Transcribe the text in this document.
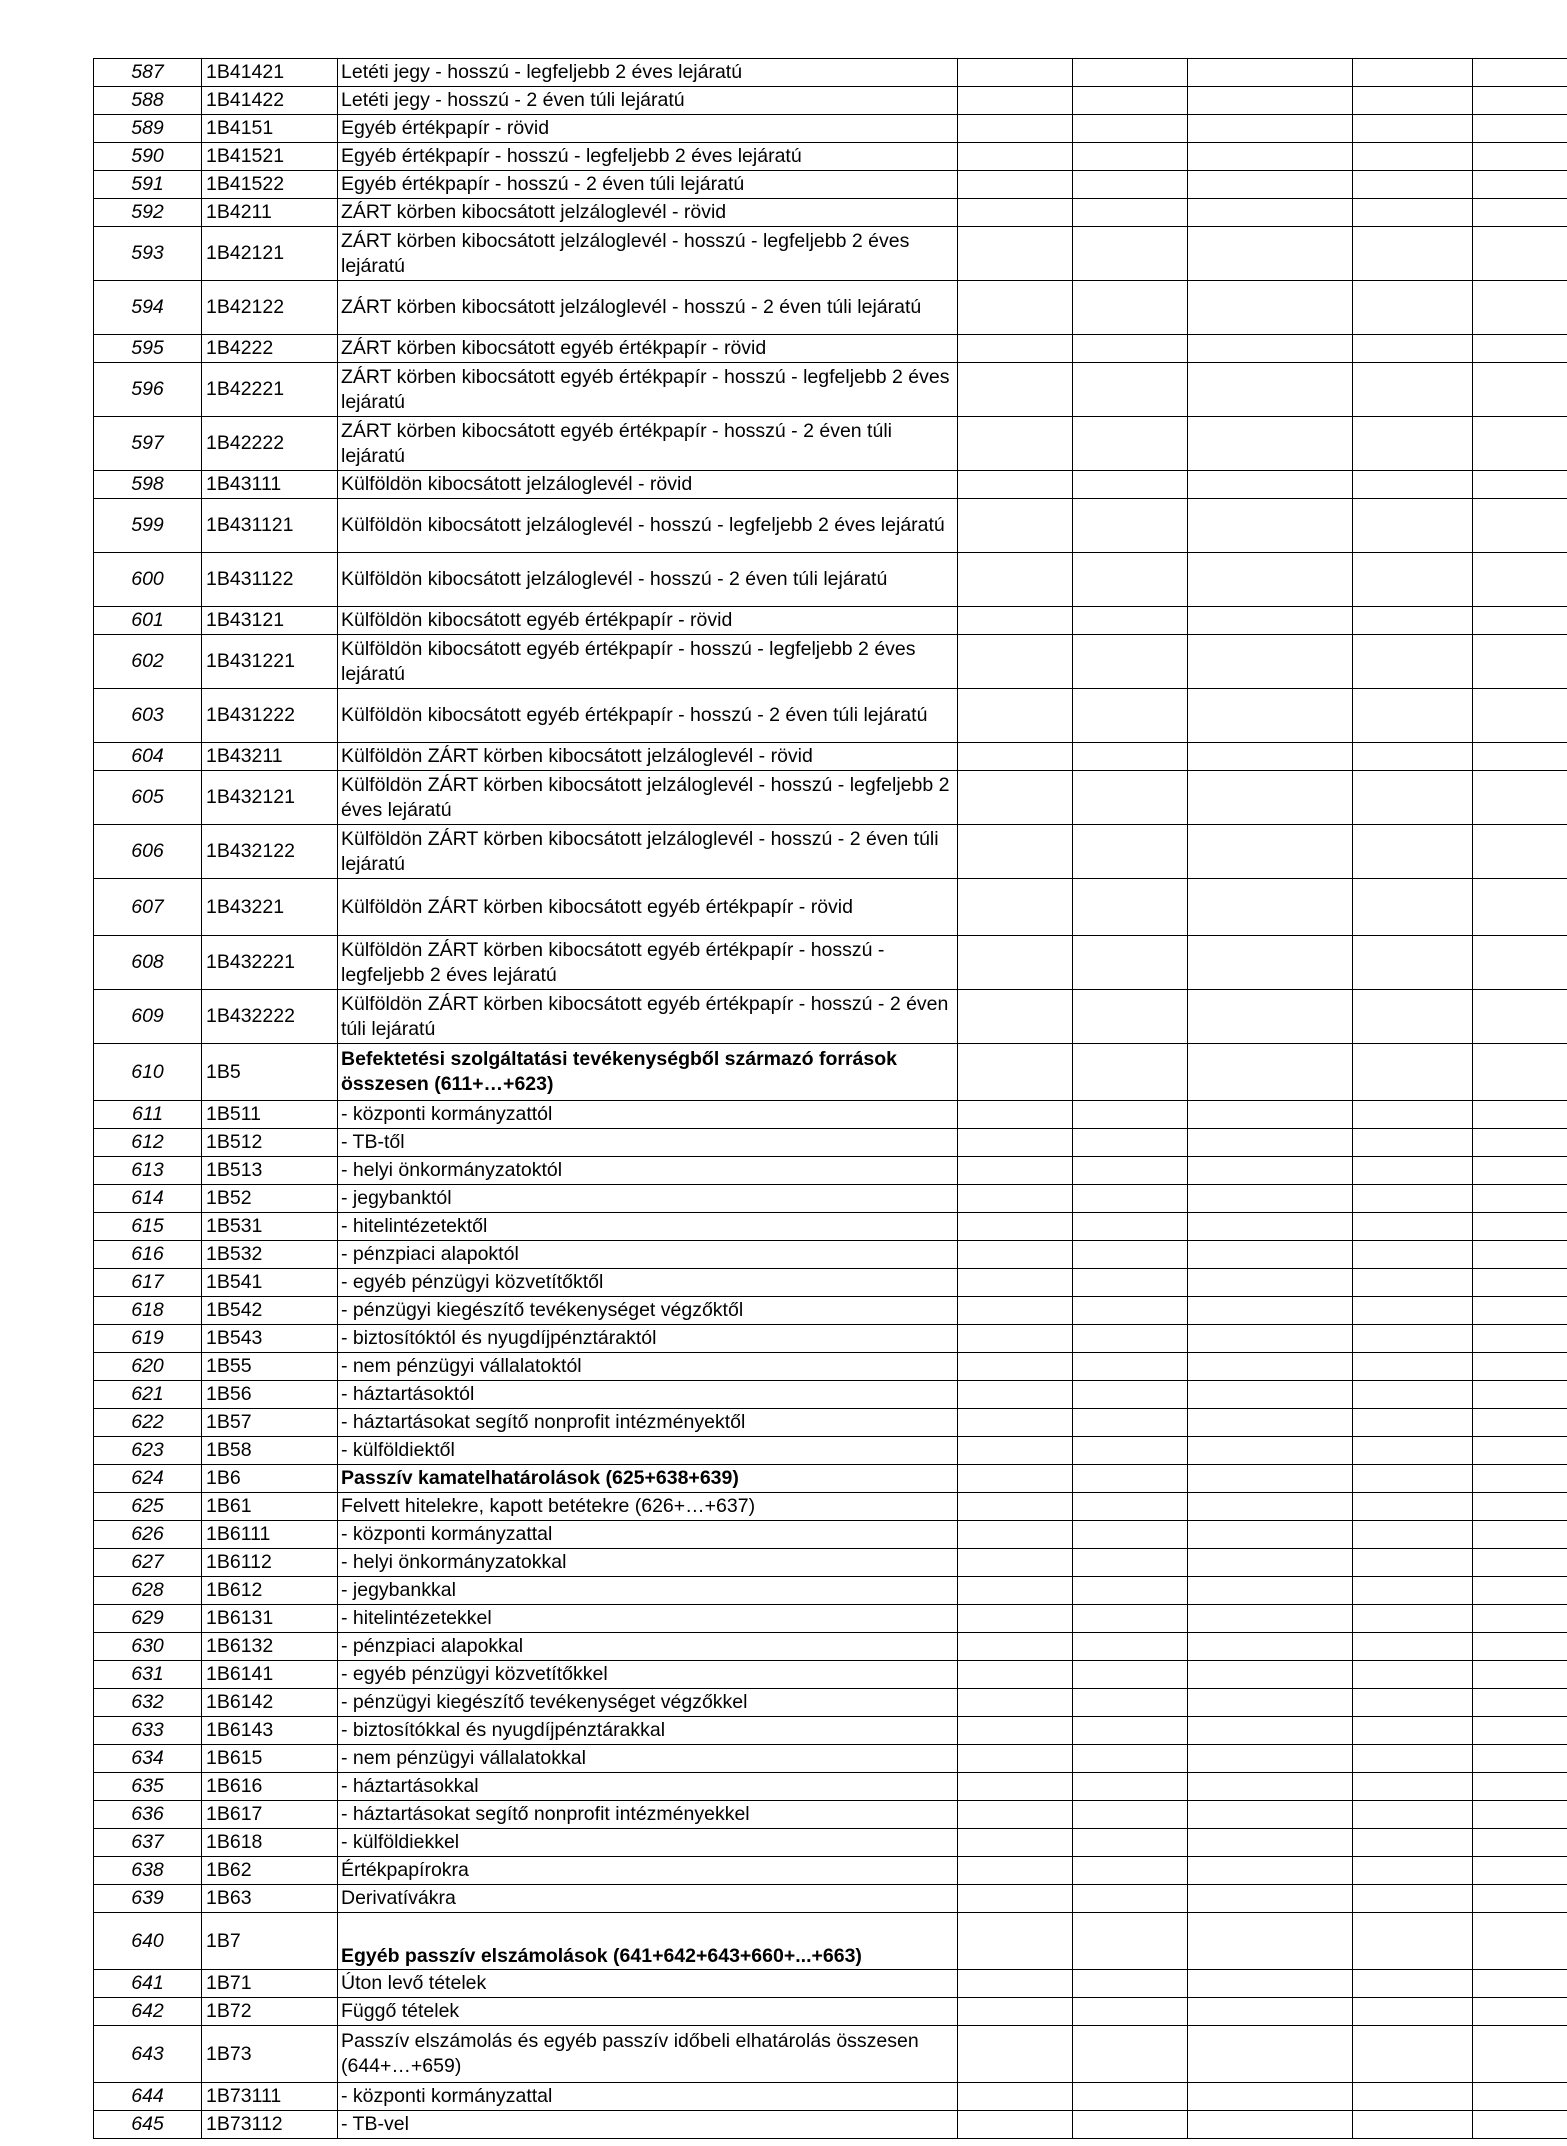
587	1B41421	Letéti jegy - hosszú - legfeljebb 2 éves lejáratú					
588	1B41422	Letéti jegy - hosszú - 2 éven túli lejáratú					
589	1B4151	Egyéb értékpapír - rövid					
590	1B41521	Egyéb értékpapír - hosszú - legfeljebb 2 éves lejáratú					
591	1B41522	Egyéb értékpapír - hosszú - 2 éven túli lejáratú					
592	1B4211	ZÁRT körben kibocsátott jelzáloglevél - rövid					
593	1B42121	ZÁRT körben kibocsátott jelzáloglevél - hosszú - legfeljebb 2 éves lejáratú					
594	1B42122	ZÁRT körben kibocsátott jelzáloglevél - hosszú - 2 éven túli lejáratú					
595	1B4222	ZÁRT körben kibocsátott egyéb értékpapír - rövid					
596	1B42221	ZÁRT körben kibocsátott egyéb értékpapír - hosszú - legfeljebb 2 éves lejáratú					
597	1B42222	ZÁRT körben kibocsátott egyéb értékpapír - hosszú - 2 éven túli lejáratú					
598	1B43111	Külföldön kibocsátott jelzáloglevél - rövid					
599	1B431121	Külföldön kibocsátott jelzáloglevél - hosszú - legfeljebb 2 éves lejáratú					
600	1B431122	Külföldön kibocsátott jelzáloglevél - hosszú - 2 éven túli lejáratú					
601	1B43121	Külföldön kibocsátott egyéb értékpapír - rövid					
602	1B431221	Külföldön kibocsátott egyéb értékpapír - hosszú - legfeljebb 2 éves lejáratú					
603	1B431222	Külföldön kibocsátott egyéb értékpapír - hosszú - 2 éven túli lejáratú					
604	1B43211	Külföldön ZÁRT körben kibocsátott jelzáloglevél - rövid					
605	1B432121	Külföldön ZÁRT körben kibocsátott jelzáloglevél - hosszú - legfeljebb 2 éves lejáratú					
606	1B432122	Külföldön ZÁRT körben kibocsátott jelzáloglevél - hosszú - 2 éven túli lejáratú					
607	1B43221	Külföldön ZÁRT körben kibocsátott egyéb értékpapír - rövid					
608	1B432221	Külföldön ZÁRT körben kibocsátott egyéb értékpapír - hosszú - legfeljebb 2 éves lejáratú					
609	1B432222	Külföldön ZÁRT körben kibocsátott egyéb értékpapír - hosszú - 2 éven túli lejáratú					
610	1B5	Befektetési szolgáltatási tevékenységből származó források összesen (611+…+623)					
611	1B511	- központi kormányzattól					
612	1B512	- TB-től					
613	1B513	- helyi önkormányzatoktól					
614	1B52	- jegybanktól					
615	1B531	- hitelintézetektől					
616	1B532	- pénzpiaci alapoktól					
617	1B541	- egyéb pénzügyi közvetítőktől					
618	1B542	- pénzügyi kiegészítő tevékenységet végzőktől					
619	1B543	- biztosítóktól és nyugdíjpénztáraktól					
620	1B55	- nem pénzügyi vállalatoktól					
621	1B56	- háztartásoktól					
622	1B57	- háztartásokat segítő nonprofit intézményektől					
623	1B58	- külföldiektől					
624	1B6	Passzív kamatelhatárolások (625+638+639)					
625	1B61	Felvett hitelekre, kapott betétekre (626+…+637)					
626	1B6111	- központi kormányzattal					
627	1B6112	- helyi önkormányzatokkal					
628	1B612	- jegybankkal					
629	1B6131	- hitelintézetekkel					
630	1B6132	- pénzpiaci alapokkal					
631	1B6141	- egyéb pénzügyi közvetítőkkel					
632	1B6142	- pénzügyi kiegészítő tevékenységet végzőkkel					
633	1B6143	- biztosítókkal és nyugdíjpénztárakkal					
634	1B615	- nem pénzügyi vállalatokkal					
635	1B616	- háztartásokkal					
636	1B617	- háztartásokat segítő nonprofit intézményekkel					
637	1B618	- külföldiekkel					
638	1B62	Értékpapírokra					
639	1B63	Derivatívákra					
640	1B7	Egyéb passzív elszámolások (641+642+643+660+...+663)					
641	1B71	Úton levő tételek					
642	1B72	Függő tételek					
643	1B73	Passzív elszámolás és egyéb passzív időbeli elhatárolás összesen (644+…+659)					
644	1B73111	- központi kormányzattal					
645	1B73112	- TB-vel					
